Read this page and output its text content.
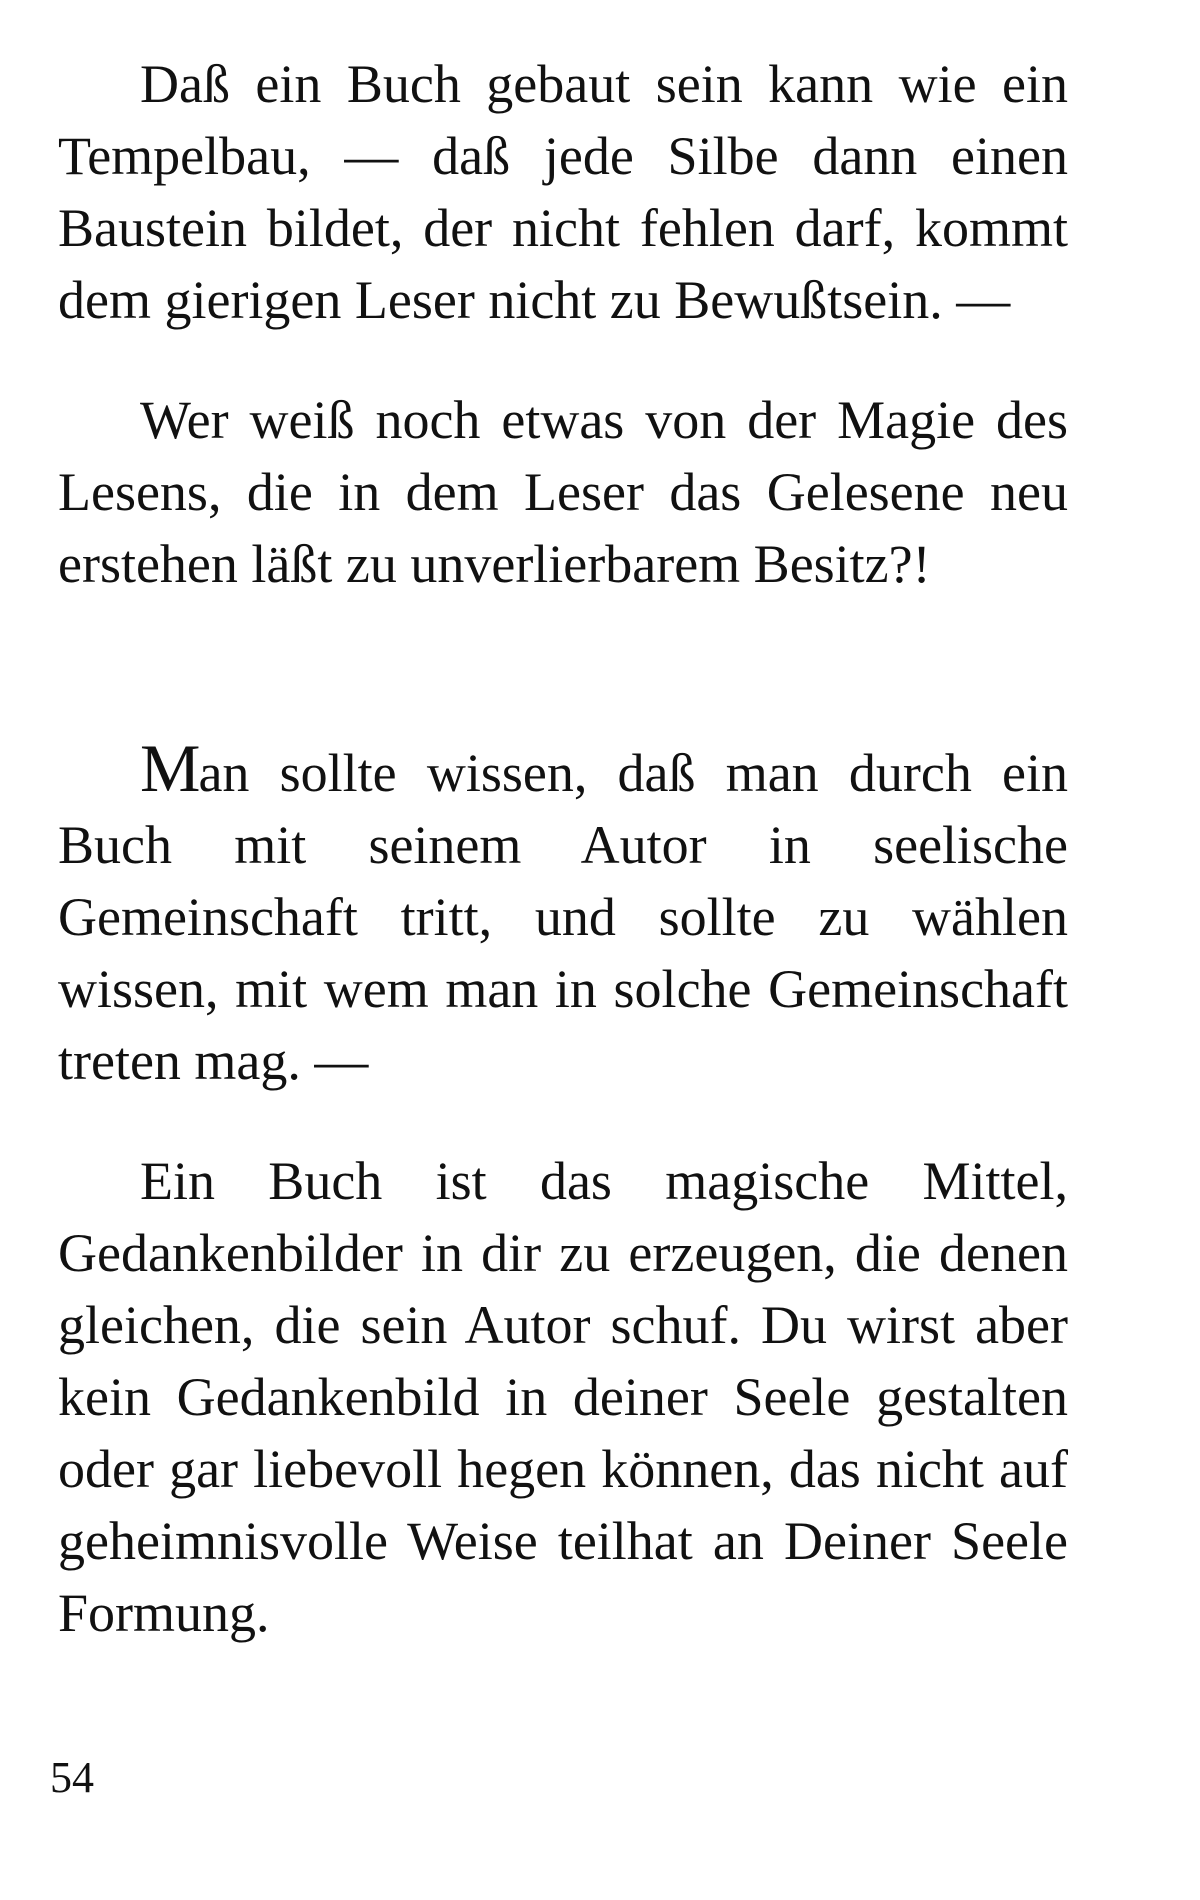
Daß ein Buch gebaut sein kann wie ein Tempelbau, — daß jede Silbe dann einen Baustein bildet, der nicht fehlen darf, kommt dem gierigen Leser nicht zu Bewußtsein. —

Wer weiß noch etwas von der Magie des Lesens, die in dem Leser das Gelesene neu erstehen läßt zu unverlierbarem Besitz?!

Man sollte wissen, daß man durch ein Buch mit seinem Autor in seelische Gemeinschaft tritt, und sollte zu wählen wissen, mit wem man in solche Gemeinschaft treten mag. —

Ein Buch ist das magische Mittel, Gedankenbilder in dir zu erzeugen, die denen gleichen, die sein Autor schuf. Du wirst aber kein Gedankenbild in deiner Seele gestalten oder gar liebevoll hegen können, das nicht auf geheimnisvolle Weise teilhat an Deiner Seele Formung.

54
